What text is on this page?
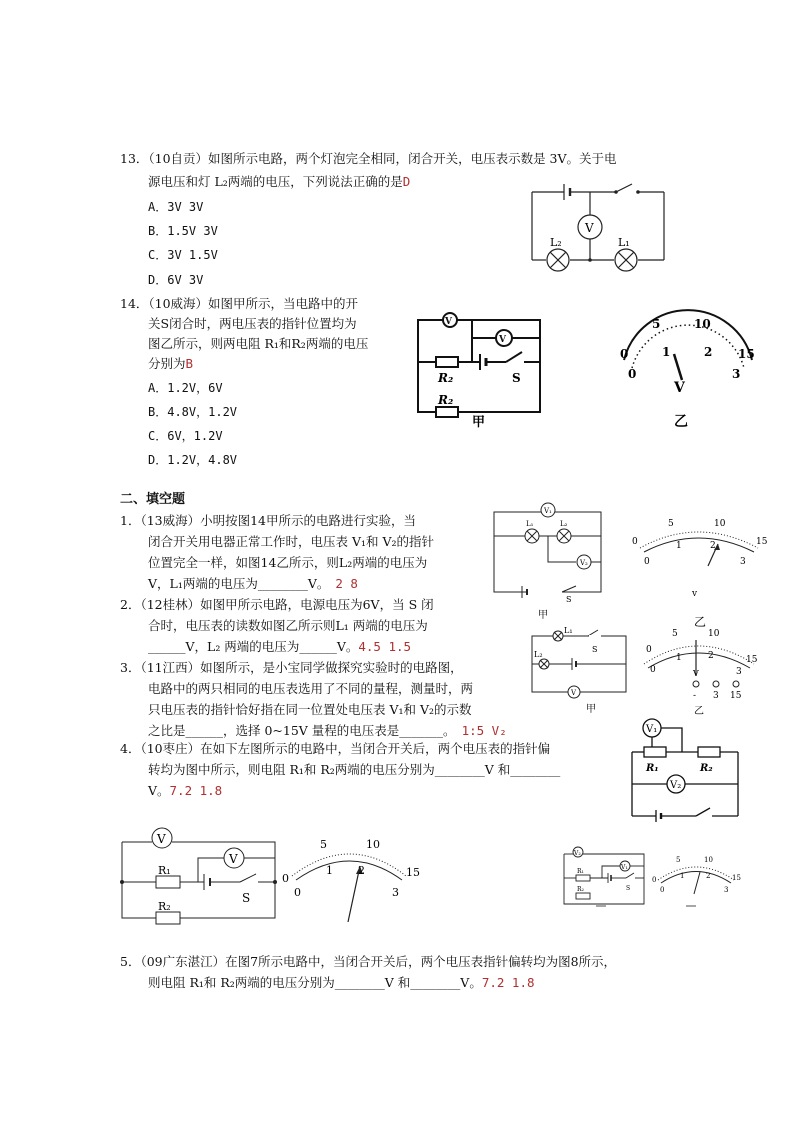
13．（10自贡）如图所示电路，两个灯泡完全相同，闭合开关，电压表示数是 3V。关于电
源电压和灯 L₂两端的电压，下列说法正确的是D
A．3V 3V
B．1.5V 3V
C．3V 1.5V
D．6V 3V
V
L₂	L₁
14．（10威海）如图甲所示，当电路中的开
关S闭合时，两电压表的指针位置均为
图乙所示，则两电阻 R₁和R₂两端的电压
分别为B
A．1.2V，6V
B．4.8V，1.2V
C．6V，1.2V
D．1.2V，4.8V
V
V
R₂
R₂
S
甲
0
5	10
15
0
1	2
3
V
乙
二、填空题
1．（13威海）小明按图14甲所示的电路进行实验，当
闭合开关用电器正常工作时，电压表 V₁和 V₂的指针
位置完全一样，如图14乙所示，则L₂两端的电压为
V，L₁两端的电压为________V。 2 8
V₁
V₂
L₁	L₂
S
甲
0
5	10
15
0
1	2
3
v
乙
2．（12桂林）如图甲所示电路，电源电压为6V，当 S 闭
合时，电压表的读数如图乙所示则L₁ 两端的电压为
______V，L₂ 两端的电压为______V。4.5 1.5
L₁
L₂
S
V
甲
0
5	10
15
0
1	2
3
V
- 3 15
乙
3．（11江西）如图所示，是小宝同学做探究实验时的电路图，
电路中的两只相同的电压表选用了不同的量程，测量时，两
只电压表的指针恰好指在同一位置处电压表 V₁和 V₂的示数
之比是______，选择 0~15V 量程的电压表是_______。 1:5 V₂	V₁
V₂
R₁	R₂
4．（10枣庄）在如下左图所示的电路中，当闭合开关后，两个电压表的指针偏
转均为图中所示，则电阻 R₁和 R₂两端的电压分别为________V 和________
V。7.2 1.8
V
V
R₁
R₂
S
0
5	10
15
0
1 2
3
V₂
V₁
R₁
R₂	S
0
5	10
15
0
1	2
3
5．（09广东湛江）在图7所示电路中，当闭合开关后，两个电压表指针偏转均为图8所示，
则电阻 R₁和 R₂两端的电压分别为________V 和________V。7.2 1.8
